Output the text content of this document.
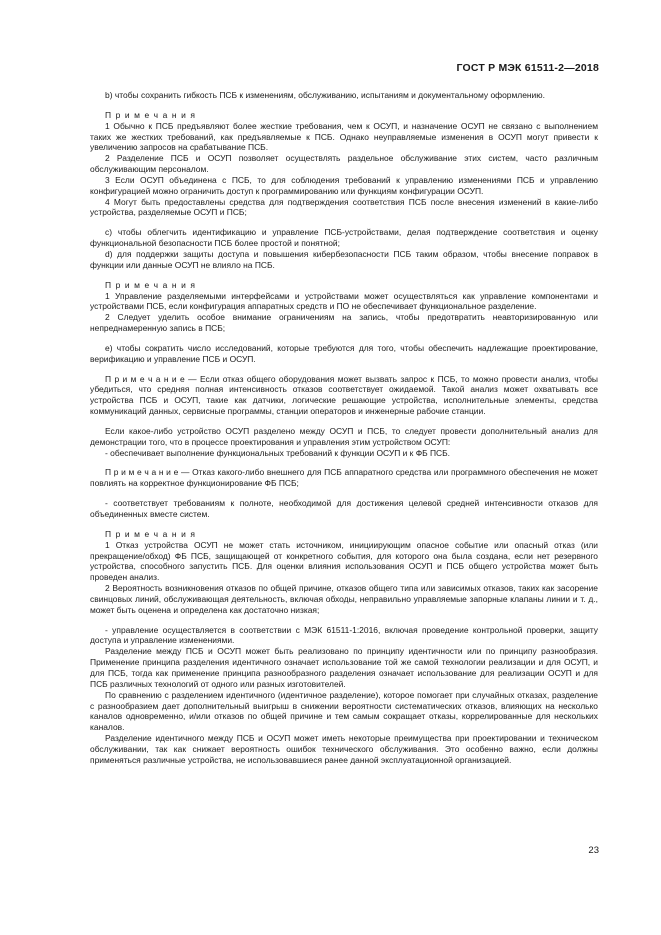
ГОСТ Р МЭК 61511-2—2018

b) чтобы сохранить гибкость ПСБ к изменениям, обслуживанию, испытаниям и документальному оформлению.

П р и м е ч а н и я

1 Обычно к ПСБ предъявляют более жесткие требования, чем к ОСУП, и назначение ОСУП не связано с выполнением таких же жестких требований, как предъявляемые к ПСБ. Однако неуправляемые изменения в ОСУП могут привести к увеличению запросов на срабатывание ПСБ.

2 Разделение ПСБ и ОСУП позволяет осуществлять раздельное обслуживание этих систем, часто различным обслуживающим персоналом.

3 Если ОСУП объединена с ПСБ, то для соблюдения требований к управлению изменениями ПСБ и управлению конфигурацией можно ограничить доступ к программированию или функциям конфигурации ОСУП.

4 Могут быть предоставлены средства для подтверждения соответствия ПСБ после внесения изменений в какие-либо устройства, разделяемые ОСУП и ПСБ;

c) чтобы облегчить идентификацию и управление ПСБ-устройствами, делая подтверждение соответствия и оценку функциональной безопасности ПСБ более простой и понятной;

d) для поддержки защиты доступа и повышения кибербезопасности ПСБ таким образом, чтобы внесение поправок в функции или данные ОСУП не влияло на ПСБ.

П р и м е ч а н и я

1 Управление разделяемыми интерфейсами и устройствами может осуществляться как управление компонентами и устройствами ПСБ, если конфигурация аппаратных средств и ПО не обеспечивает функциональное разделение.

2 Следует уделить особое внимание ограничениям на запись, чтобы предотвратить неавторизированную или непреднамеренную запись в ПСБ;

e) чтобы сократить число исследований, которые требуются для того, чтобы обеспечить надлежащие проектирование, верификацию и управление ПСБ и ОСУП.

П р и м е ч а н и е — Если отказ общего оборудования может вызвать запрос к ПСБ, то можно провести анализ, чтобы убедиться, что средняя полная интенсивность отказов соответствует ожидаемой. Такой анализ может охватывать все устройства ПСБ и ОСУП, такие как датчики, логические решающие устройства, исполнительные элементы, средства коммуникаций данных, сервисные программы, станции операторов и инженерные рабочие станции.

Если какое-либо устройство ОСУП разделено между ОСУП и ПСБ, то следует провести дополнительный анализ для демонстрации того, что в процессе проектирования и управления этим устройством ОСУП:

- обеспечивает выполнение функциональных требований к функции ОСУП и к ФБ ПСБ.

П р и м е ч а н и е — Отказ какого-либо внешнего для ПСБ аппаратного средства или программного обеспечения не может повлиять на корректное функционирование ФБ ПСБ;

- соответствует требованиям к полноте, необходимой для достижения целевой средней интенсивности отказов для объединенных вместе систем.

П р и м е ч а н и я

1 Отказ устройства ОСУП не может стать источником, инициирующим опасное событие или опасный отказ (или прекращение/обход) ФБ ПСБ, защищающей от конкретного события, для которого она была создана, если нет резервного устройства, способного запустить ПСБ. Для оценки влияния использования ОСУП и ПСБ общего устройства может быть проведен анализ.

2 Вероятность возникновения отказов по общей причине, отказов общего типа или зависимых отказов, таких как засорение свинцовых линий, обслуживающая деятельность, включая обходы, неправильно управляемые запорные клапаны линии и т. д., может быть оценена и определена как достаточно низкая;

- управление осуществляется в соответствии с МЭК 61511-1:2016, включая проведение контрольной проверки, защиту доступа и управление изменениями.

Разделение между ПСБ и ОСУП может быть реализовано по принципу идентичности или по принципу разнообразия. Применение принципа разделения идентичного означает использование той же самой технологии реализации и для ОСУП, и для ПСБ, тогда как применение принципа разнообразного разделения означает использование для реализации ОСУП и для ПСБ различных технологий от одного или разных изготовителей.

По сравнению с разделением идентичного (идентичное разделение), которое помогает при случайных отказах, разделение с разнообразием дает дополнительный выигрыш в снижении вероятности систематических отказов, влияющих на несколько каналов одновременно, и/или отказов по общей причине и тем самым сокращает отказы, коррелированные для нескольких каналов.

Разделение идентичного между ПСБ и ОСУП может иметь некоторые преимущества при проектировании и техническом обслуживании, так как снижает вероятность ошибок технического обслуживания. Это особенно важно, если должны применяться различные устройства, не использовавшиеся ранее данной эксплуатационной организацией.

23
